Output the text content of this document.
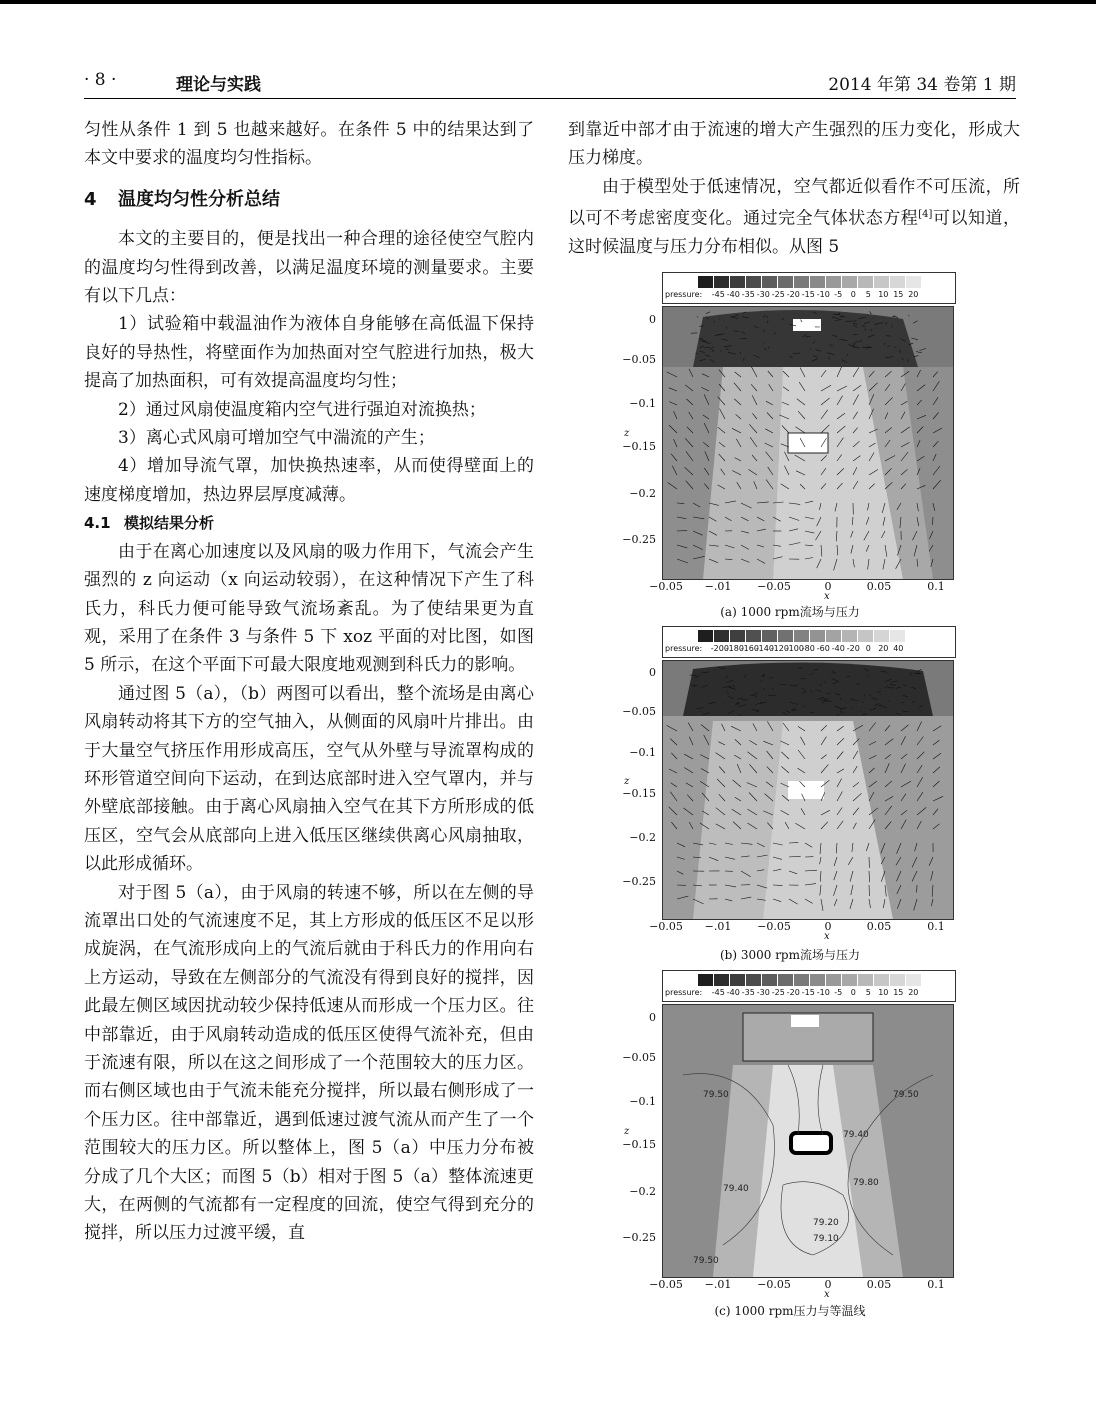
· 8 ·	理论与实践	2014 年第 34 卷第 1 期

匀性从条件 1 到 5 也越来越好。在条件 5 中的结果达到了本文中要求的温度均匀性指标。

4 温度均匀性分析总结

本文的主要目的，便是找出一种合理的途径使空气腔内的温度均匀性得到改善，以满足温度环境的测量要求。主要有以下几点：

1）试验箱中载温油作为液体自身能够在高低温下保持良好的导热性，将壁面作为加热面对空气腔进行加热，极大提高了加热面积，可有效提高温度均匀性；

2）通过风扇使温度箱内空气进行强迫对流换热；

3）离心式风扇可增加空气中湍流的产生；

4）增加导流气罩，加快换热速率，从而使得壁面上的速度梯度增加，热边界层厚度减薄。

4.1 模拟结果分析

由于在离心加速度以及风扇的吸力作用下，气流会产生强烈的 z 向运动（x 向运动较弱），在这种情况下产生了科氏力，科氏力便可能导致气流场紊乱。为了使结果更为直观，采用了在条件 3 与条件 5 下 xoz 平面的对比图，如图 5 所示，在这个平面下可最大限度地观测到科氏力的影响。

通过图 5（a），（b）两图可以看出，整个流场是由离心风扇转动将其下方的空气抽入，从侧面的风扇叶片排出。由于大量空气挤压作用形成高压，空气从外壁与导流罩构成的环形管道空间向下运动，在到达底部时进入空气罩内，并与外壁底部接触。由于离心风扇抽入空气在其下方所形成的低压区，空气会从底部向上进入低压区继续供离心风扇抽取，以此形成循环。

对于图 5（a），由于风扇的转速不够，所以在左侧的导流罩出口处的气流速度不足，其上方形成的低压区不足以形成旋涡，在气流形成向上的气流后就由于科氏力的作用向右上方运动，导致在左侧部分的气流没有得到良好的搅拌，因此最左侧区域因扰动较少保持低速从而形成一个压力区。往中部靠近，由于风扇转动造成的低压区使得气流补充，但由于流速有限，所以在这之间形成了一个范围较大的压力区。而右侧区域也由于气流未能充分搅拌，所以最右侧形成了一个压力区。往中部靠近，遇到低速过渡气流从而产生了一个范围较大的压力区。所以整体上，图 5（a）中压力分布被分成了几个大区；而图 5（b）相对于图 5（a）整体流速更大，在两侧的气流都有一定程度的回流，使空气得到充分的搅拌，所以压力过渡平缓，直

到靠近中部才由于流速的增大产生强烈的压力变化，形成大压力梯度。

由于模型处于低速情况，空气都近似看作不可压流，所以可不考虑密度变化。通过完全气体状态方程[4]可以知道，这时候温度与压力分布相似。从图 5

pressure: -45 -40 -35 -30 -25 -20 -15 -10 -5 0 5 10 15 20
pressure: -200-180-160-140-120-100-80 -60 -40 -20 0 20 40
pressure: -45 -40 -35 -30 -25 -20 -15 -10 -5 0 5 10 15 20
79.50	79.50
79.40
79.80
79.40
79.20
79.10
79.50
0
−0.05
−0.1
−0.15
−0.2
−0.25
z
−0.05 −.01 −0.05	0	0.05	0.1
x
0
−0.05
−0.1
−0.15
−0.2
−0.25
z
−0.05 −.01 −0.05	0	0.05	0.1
x
0
−0.05
−0.1
−0.15
−0.2
−0.25
z
−0.05 −.01 −0.05	0	0.05	0.1
x
(a) 1000 rpm流场与压力
(b) 3000 rpm流场与压力
(c) 1000 rpm压力与等温线
